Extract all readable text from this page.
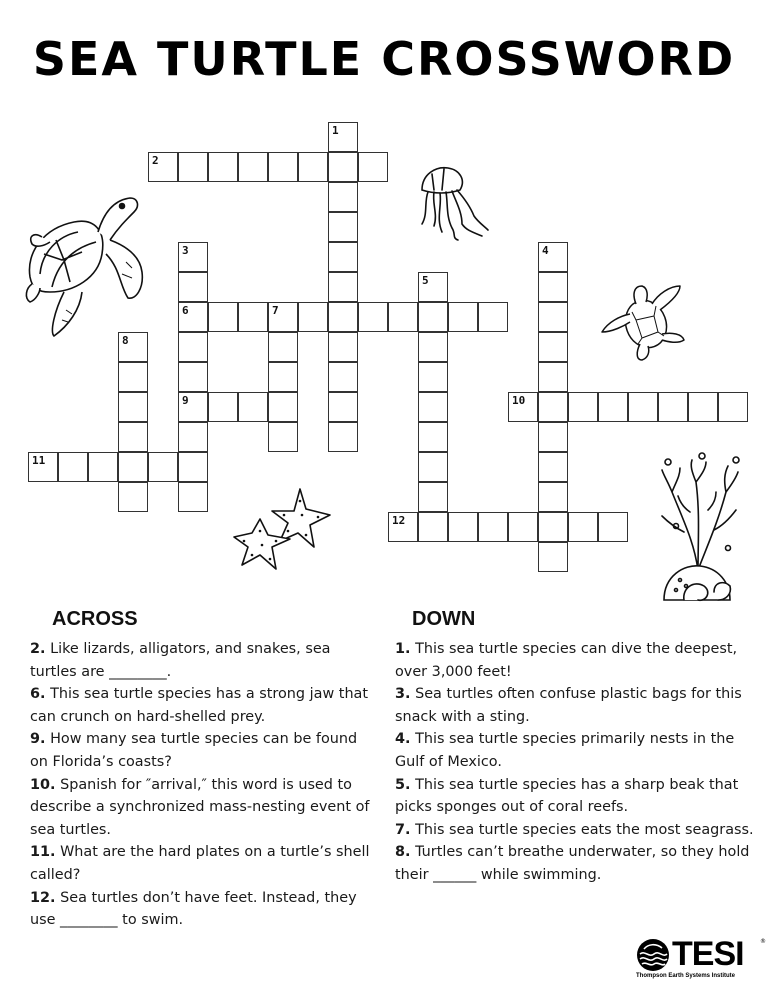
SEA TURTLE CROSSWORD
1
2
3
6
9
4
5
7
8
10
11
12
ACROSS
2. Like lizards, alligators, and snakes, sea turtles are ________.
6. This sea turtle species has a strong jaw that can crunch on hard-shelled prey.
9. How many sea turtle species can be found on Florida’s coasts?
10. Spanish for ″arrival,″ this word is used to describe a synchronized mass-nesting event of sea turtles.
11. What are the hard plates on a turtle’s shell called?
12. Sea turtles don’t have feet. Instead, they use ________ to swim.
DOWN
1. This sea turtle species can dive the deepest, over 3,000 feet!
3. Sea turtles often confuse plastic bags for this snack with a sting.
4. This sea turtle species primarily nests in the Gulf of Mexico.
5. This sea turtle species has a sharp beak that picks sponges out of coral reefs.
7. This sea turtle species eats the most seagrass.
8. Turtles can’t breathe underwater, so they hold their ______ while swimming.
TESI	®
Thompson Earth Systems Institute
